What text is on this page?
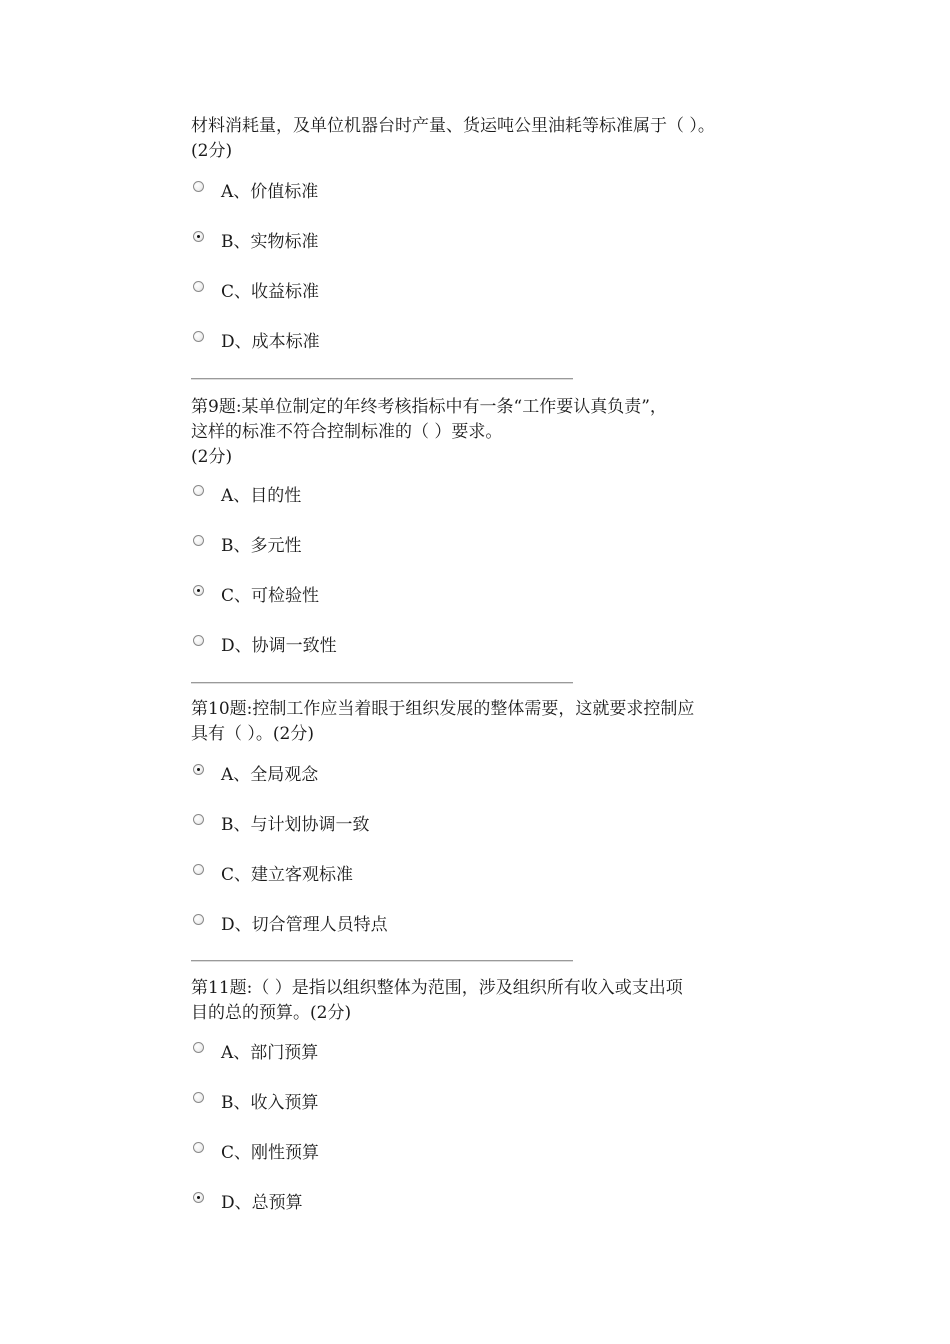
材料消耗量，及单位机器台时产量、货运吨公里油耗等标准属于（ ）。
(2分)

A、价值标准
B、实物标准
C、收益标准
D、成本标准

第9题:某单位制定的年终考核指标中有一条“工作要认真负责”，
这样的标准不符合控制标准的（ ）要求。
(2分)

A、目的性
B、多元性
C、可检验性
D、协调一致性

第10题:控制工作应当着眼于组织发展的整体需要，这就要求控制应
具有（ ）。(2分)

A、全局观念
B、与计划协调一致
C、建立客观标准
D、切合管理人员特点

第11题:（ ）是指以组织整体为范围，涉及组织所有收入或支出项
目的总的预算。(2分)

A、部门预算
B、收入预算
C、刚性预算
D、总预算
